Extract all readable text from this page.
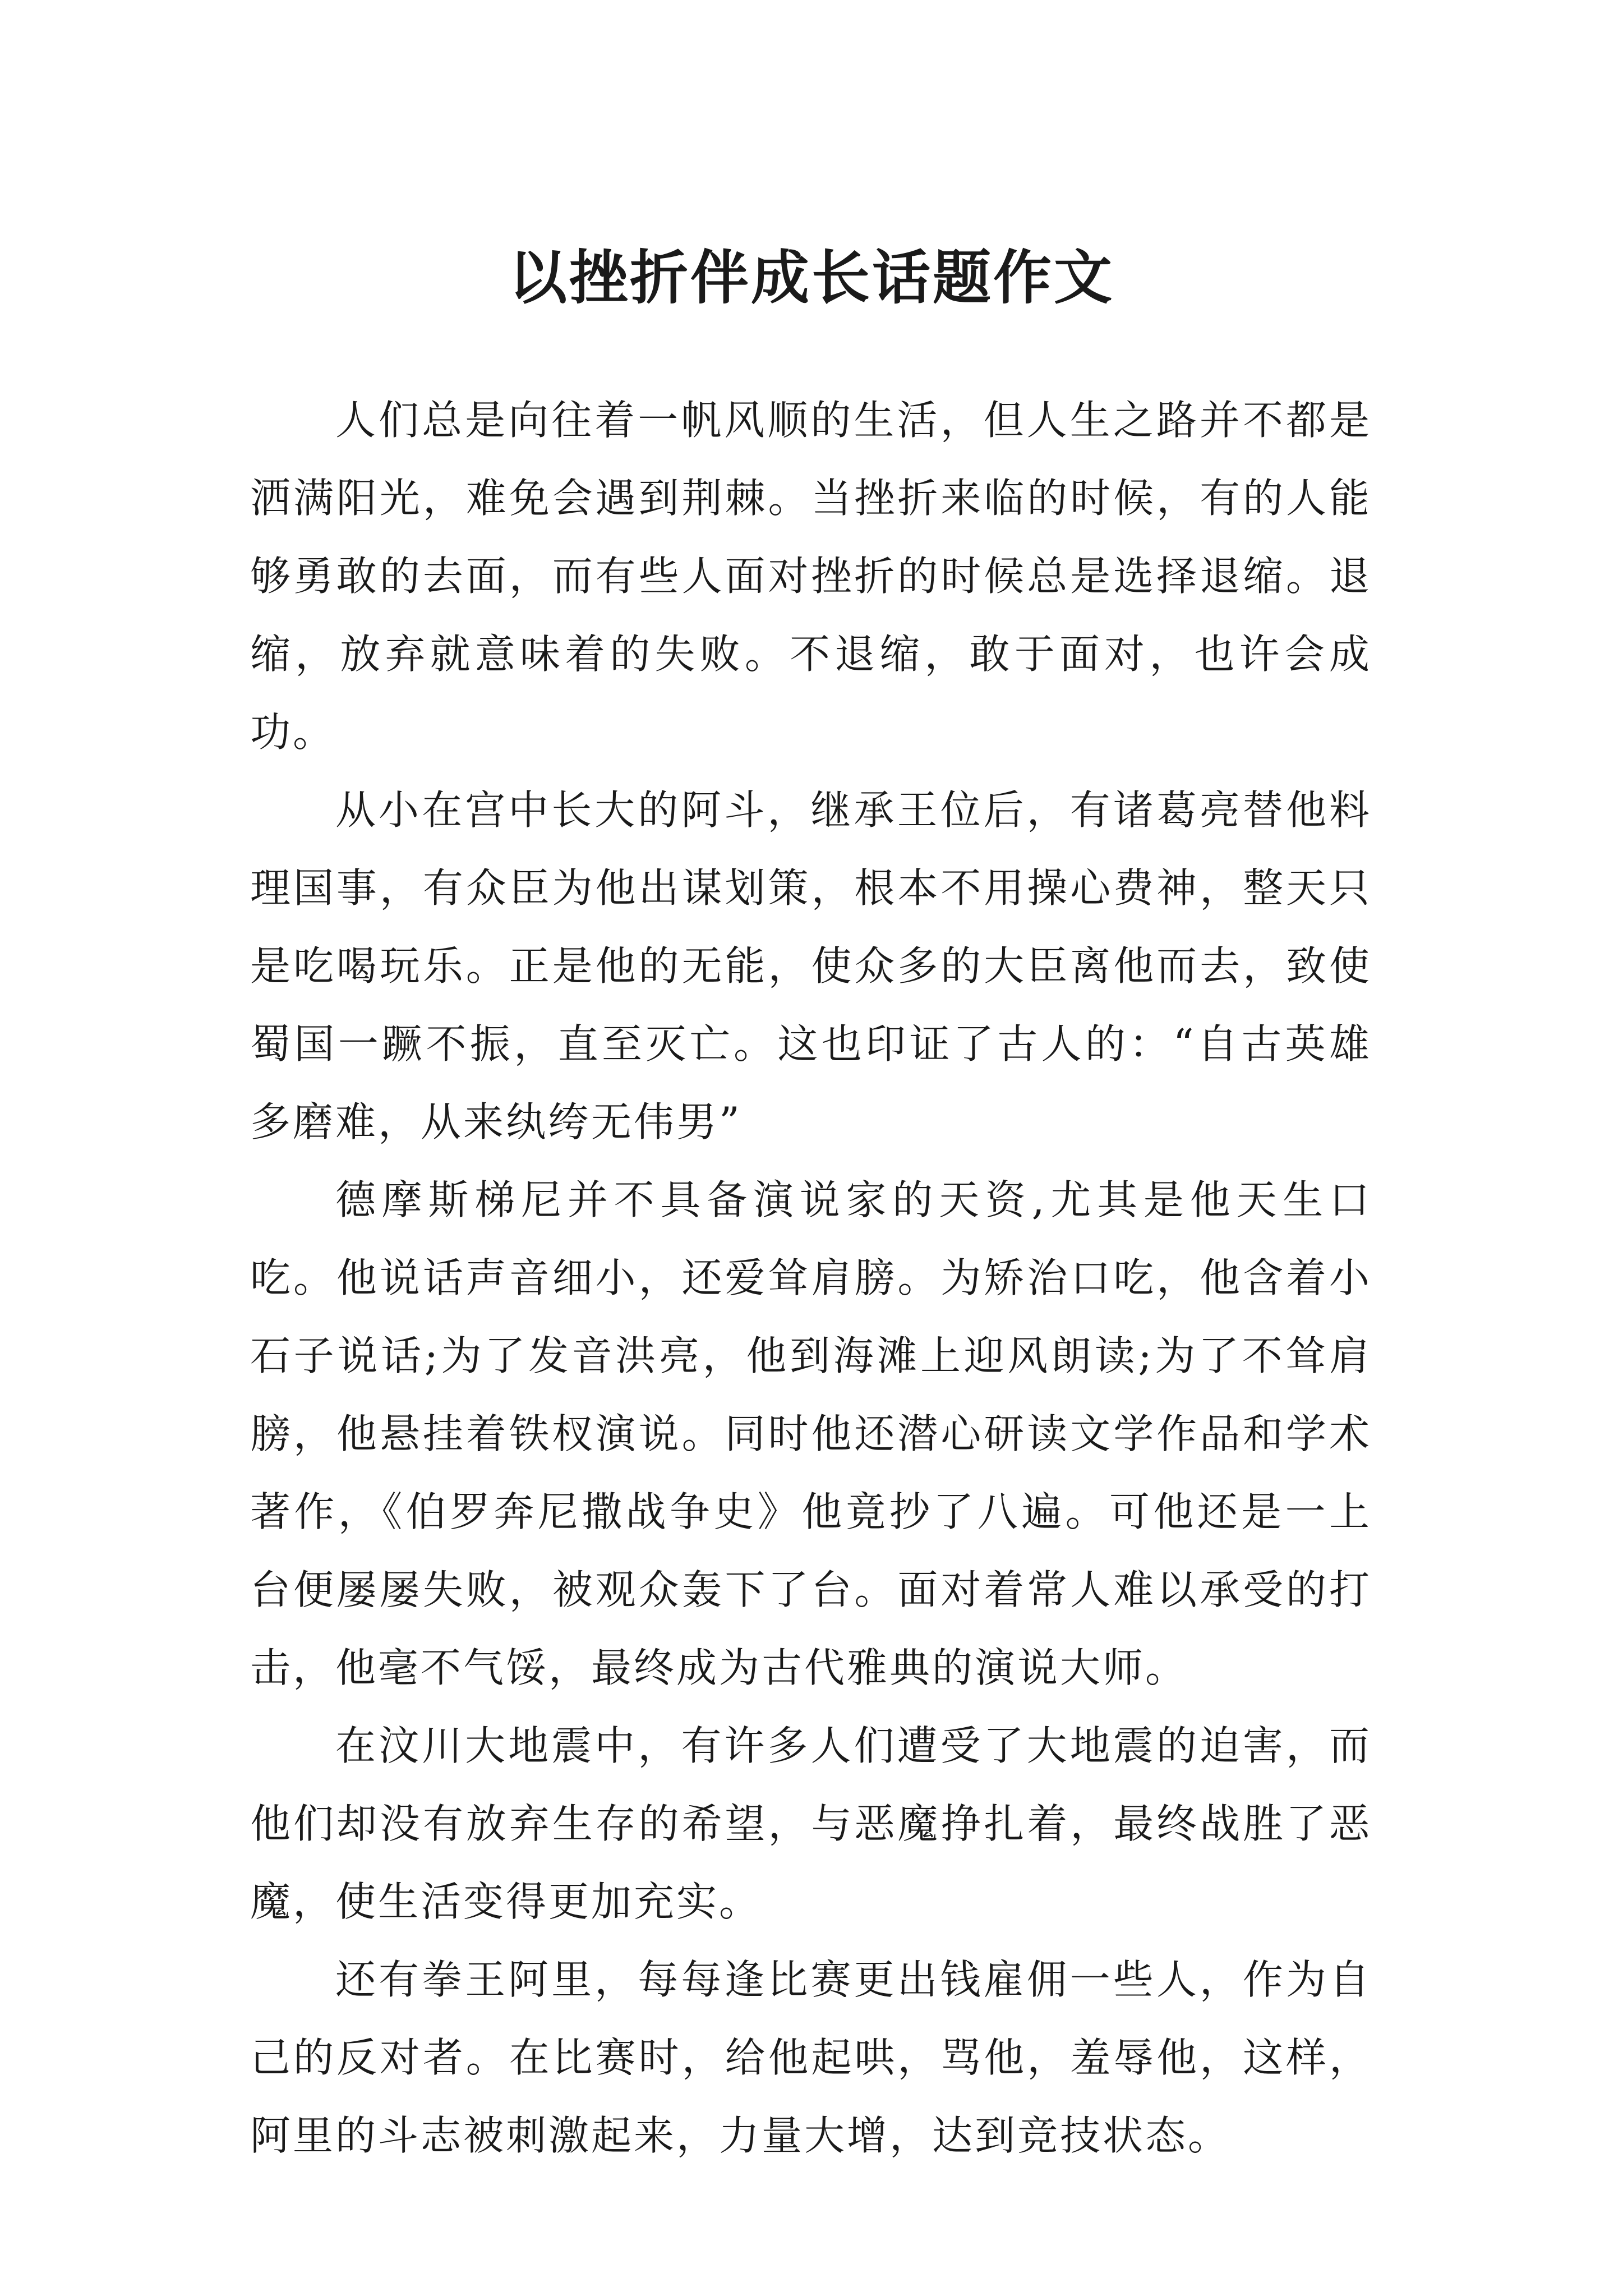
以挫折伴成长话题作文

人们总是向往着一帆风顺的生活，但人生之路并不都是洒满阳光，难免会遇到荆棘。当挫折来临的时候，有的人能够勇敢的去面，而有些人面对挫折的时候总是选择退缩。退缩，放弃就意味着的失败。不退缩，敢于面对，也许会成功。

从小在宫中长大的阿斗，继承王位后，有诸葛亮替他料理国事，有众臣为他出谋划策，根本不用操心费神，整天只是吃喝玩乐。正是他的无能，使众多的大臣离他而去，致使蜀国一蹶不振，直至灭亡。这也印证了古人的：“自古英雄多磨难，从来纨绔无伟男”

德摩斯梯尼并不具备演说家的天资,尤其是他天生口吃。他说话声音细小，还爱耸肩膀。为矫治口吃，他含着小石子说话;为了发音洪亮，他到海滩上迎风朗读;为了不耸肩膀，他悬挂着铁杈演说。同时他还潜心研读文学作品和学术著作，《伯罗奔尼撒战争史》他竟抄了八遍。可他还是一上台便屡屡失败，被观众轰下了台。面对着常人难以承受的打击，他毫不气馁，最终成为古代雅典的演说大师。

在汶川大地震中，有许多人们遭受了大地震的迫害，而他们却没有放弃生存的希望，与恶魔挣扎着，最终战胜了恶魔，使生活变得更加充实。

还有拳王阿里，每每逢比赛更出钱雇佣一些人，作为自己的反对者。在比赛时，给他起哄，骂他，羞辱他，这样，阿里的斗志被刺激起来，力量大增，达到竞技状态。
